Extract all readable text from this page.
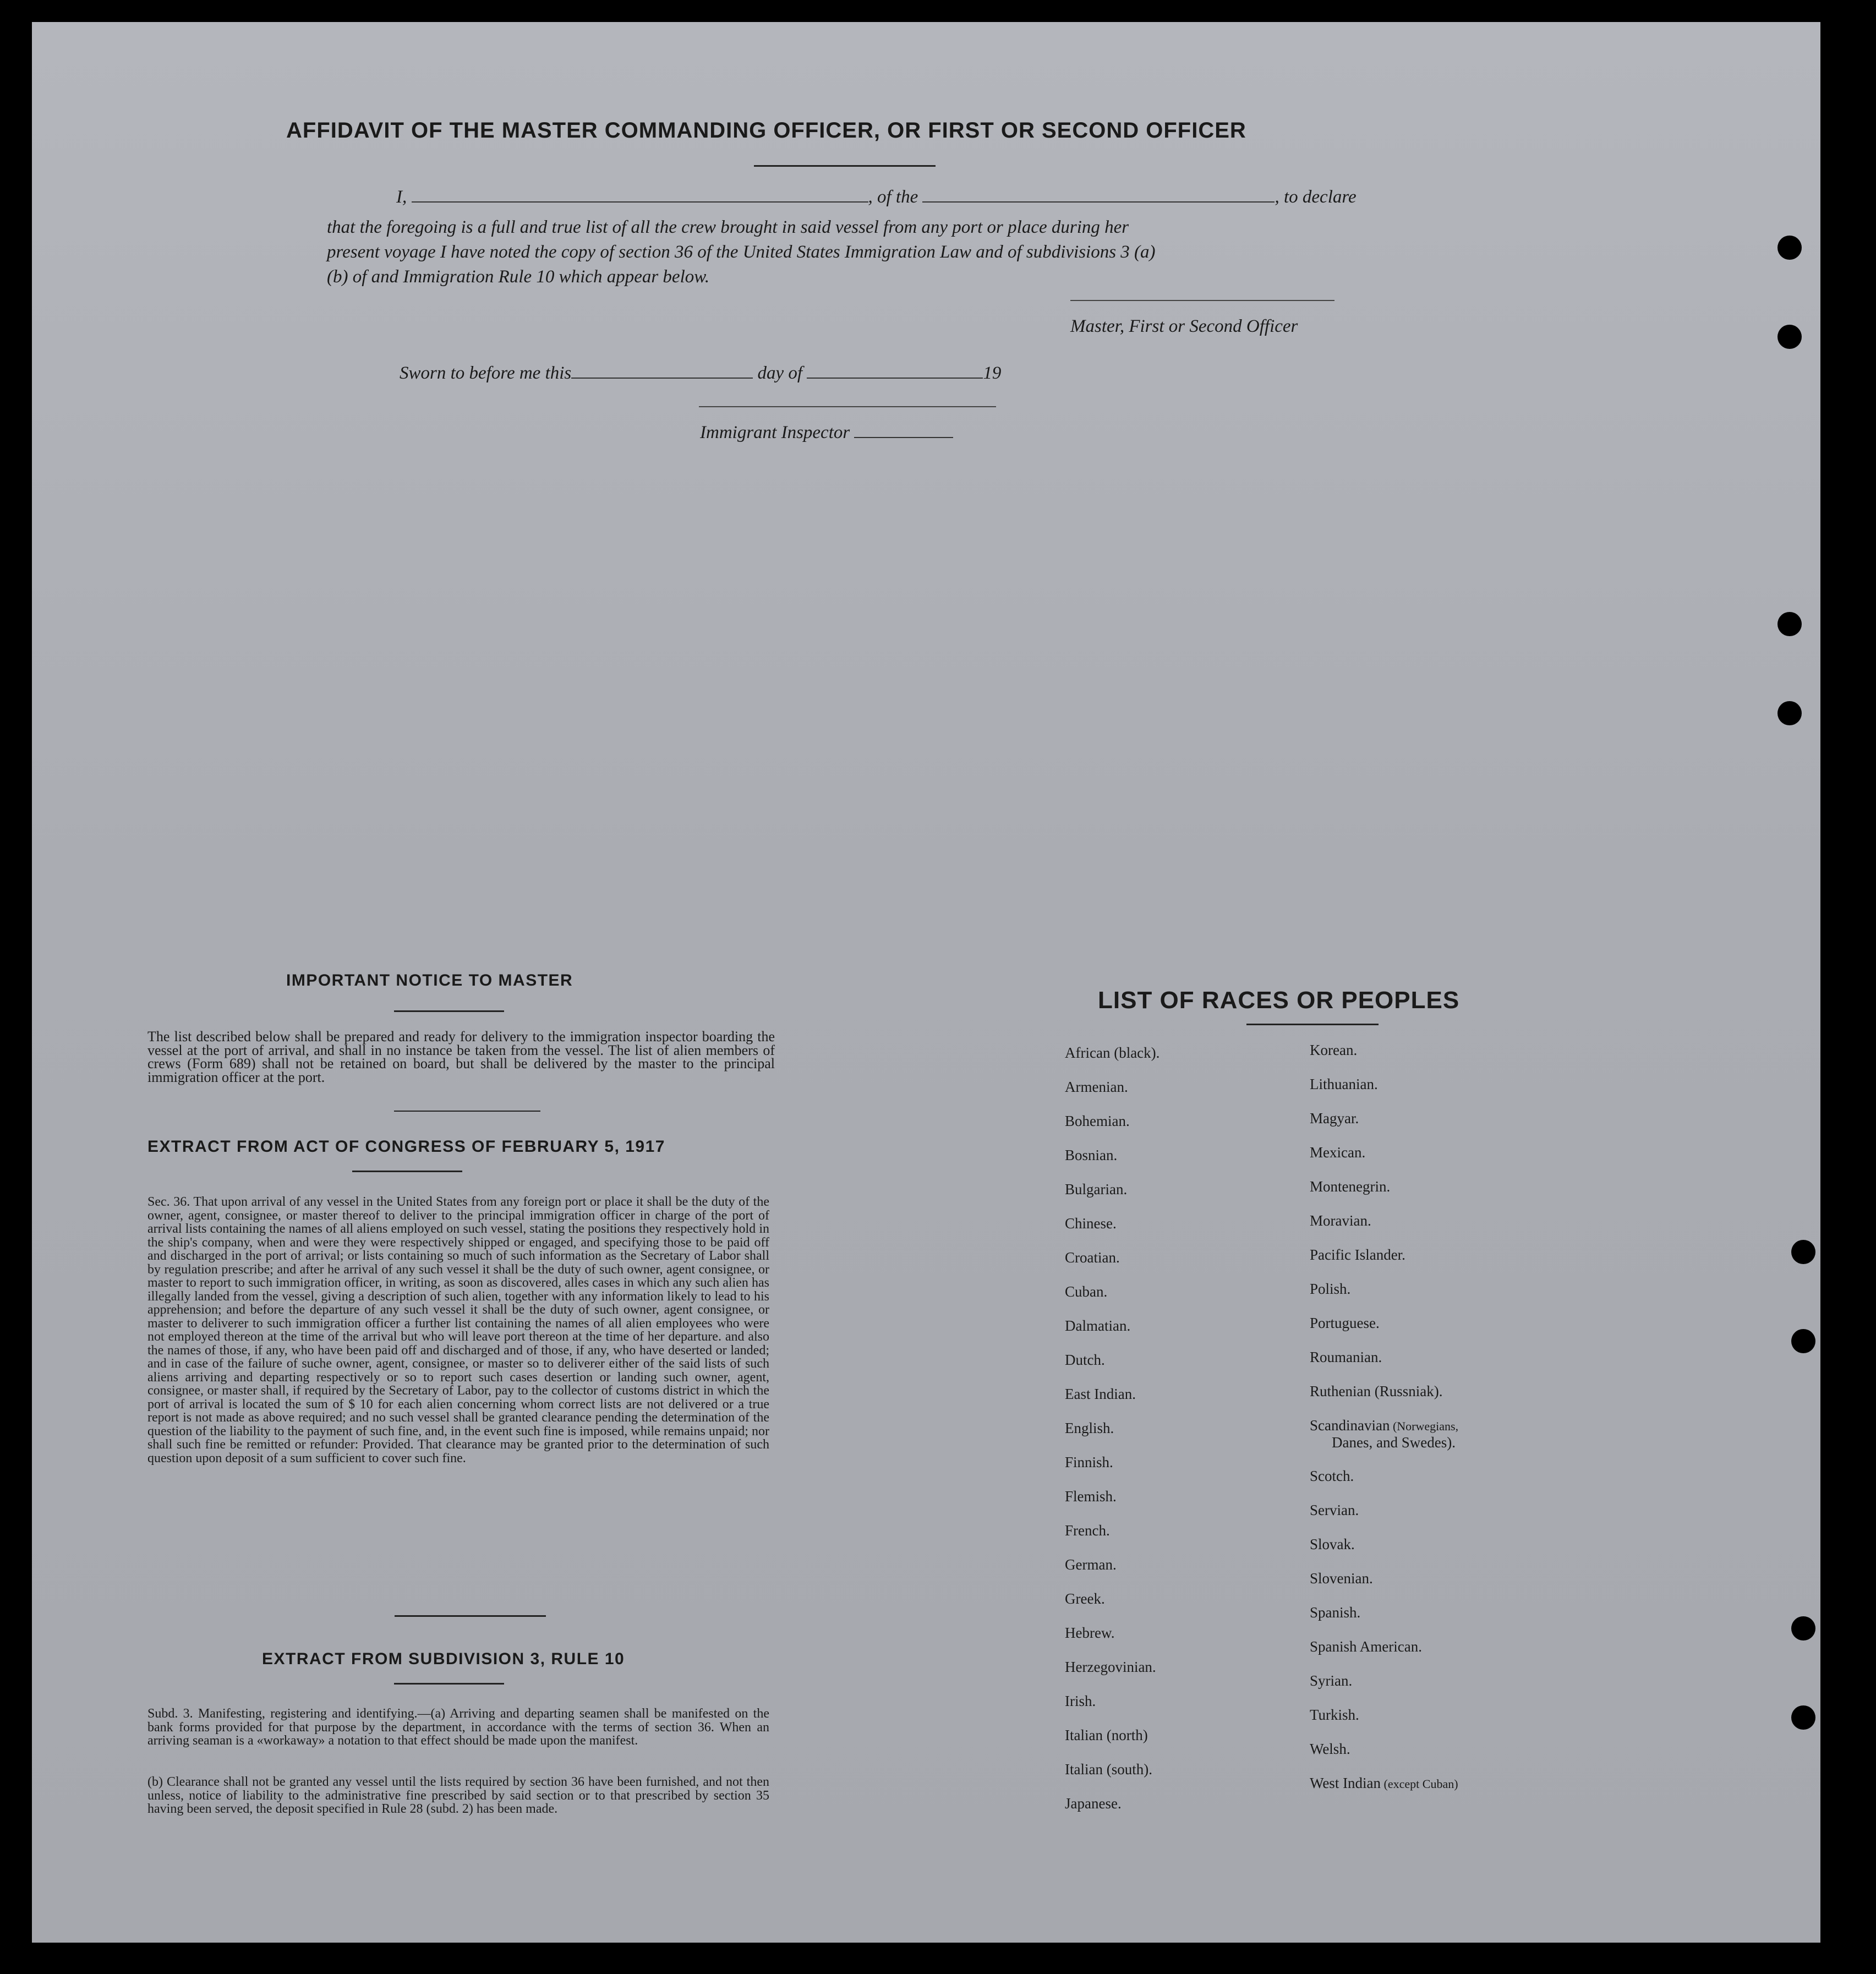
AFFIDAVIT OF THE MASTER COMMANDING OFFICER, OR FIRST OR SECOND OFFICER
I,	, of the	, to declare
that the foregoing is a full and true list of all the crew brought in said vessel from any port or place during her
present voyage I have noted the copy of section 36 of the United States Immigration Law and of subdivisions 3 (a)
(b) of and Immigration Rule 10 which appear below.
Master, First or Second Officer
Sworn to before me this	day of	19
Immigrant Inspector
IMPORTANT NOTICE TO MASTER
The list described below shall be prepared and ready for delivery to the immigration inspector boarding the vessel at the port of arrival, and shall in no instance be taken from the vessel. The list of alien members of crews (Form 689) shall not be retained on board, but shall be delivered by the master to the principal immigration officer at the port.
EXTRACT FROM ACT OF CONGRESS OF FEBRUARY 5, 1917
Sec. 36. That upon arrival of any vessel in the United States from any foreign port or place it shall be the duty of the owner, agent, consignee, or master thereof to deliver to the principal immigration officer in charge of the port of arrival lists containing the names of all aliens employed on such vessel, stating the positions they respectively hold in the ship's company, when and were they were respectively shipped or engaged, and specifying those to be paid off and discharged in the port of arrival; or lists containing so much of such information as the Secretary of Labor shall by regulation prescribe; and after he arrival of any such vessel it shall be the duty of such owner, agent consignee, or master to report to such immigration officer, in writing, as soon as discovered, alles cases in which any such alien has illegally landed from the vessel, giving a description of such alien, together with any information likely to lead to his apprehension; and before the departure of any such vessel it shall be the duty of such owner, agent consignee, or master to deliverer to such immigration officer a further list containing the names of all alien employees who were not employed thereon at the time of the arrival but who will leave port thereon at the time of her departure. and also the names of those, if any, who have been paid off and discharged and of those, if any, who have deserted or landed; and in case of the failure of suche owner, agent, consignee, or master so to deliverer either of the said lists of such aliens arriving and departing respectively or so to report such cases desertion or landing such owner, agent, consignee, or master shall, if required by the Secretary of Labor, pay to the collector of customs district in which the port of arrival is located the sum of $ 10 for each alien concerning whom correct lists are not delivered or a true report is not made as above required; and no such vessel shall be granted clearance pending the determination of the question of the liability to the payment of such fine, and, in the event such fine is imposed, while remains unpaid; nor shall such fine be remitted or refunder: Provided. That clearance may be granted prior to the determination of such question upon deposit of a sum sufficient to cover such fine.
EXTRACT FROM SUBDIVISION 3, RULE 10
Subd. 3. Manifesting, registering and identifying.—(a) Arriving and departing seamen shall be manifested on the bank forms provided for that purpose by the department, in accordance with the terms of section 36. When an arriving seaman is a «workaway» a notation to that effect should be made upon the manifest.
(b) Clearance shall not be granted any vessel until the lists required by section 36 have been furnished, and not then unless, notice of liability to the administrative fine prescribed by said section or to that prescribed by section 35 having been served, the deposit specified in Rule 28 (subd. 2) has been made.
LIST OF RACES OR PEOPLES
African (black).
Armenian.
Bohemian.
Bosnian.
Bulgarian.
Chinese.
Croatian.
Cuban.
Dalmatian.
Dutch.
East Indian.
English.
Finnish.
Flemish.
French.
German.
Greek.
Hebrew.
Herzegovinian.
Irish.
Italian (north)
Italian (south).
Japanese.
Korean.
Lithuanian.
Magyar.
Mexican.
Montenegrin.
Moravian.
Pacific Islander.
Polish.
Portuguese.
Roumanian.
Ruthenian (Russniak).
Scandinavian (Norwegians,
Danes, and Swedes).
Scotch.
Servian.
Slovak.
Slovenian.
Spanish.
Spanish American.
Syrian.
Turkish.
Welsh.
West Indian (except Cuban)
